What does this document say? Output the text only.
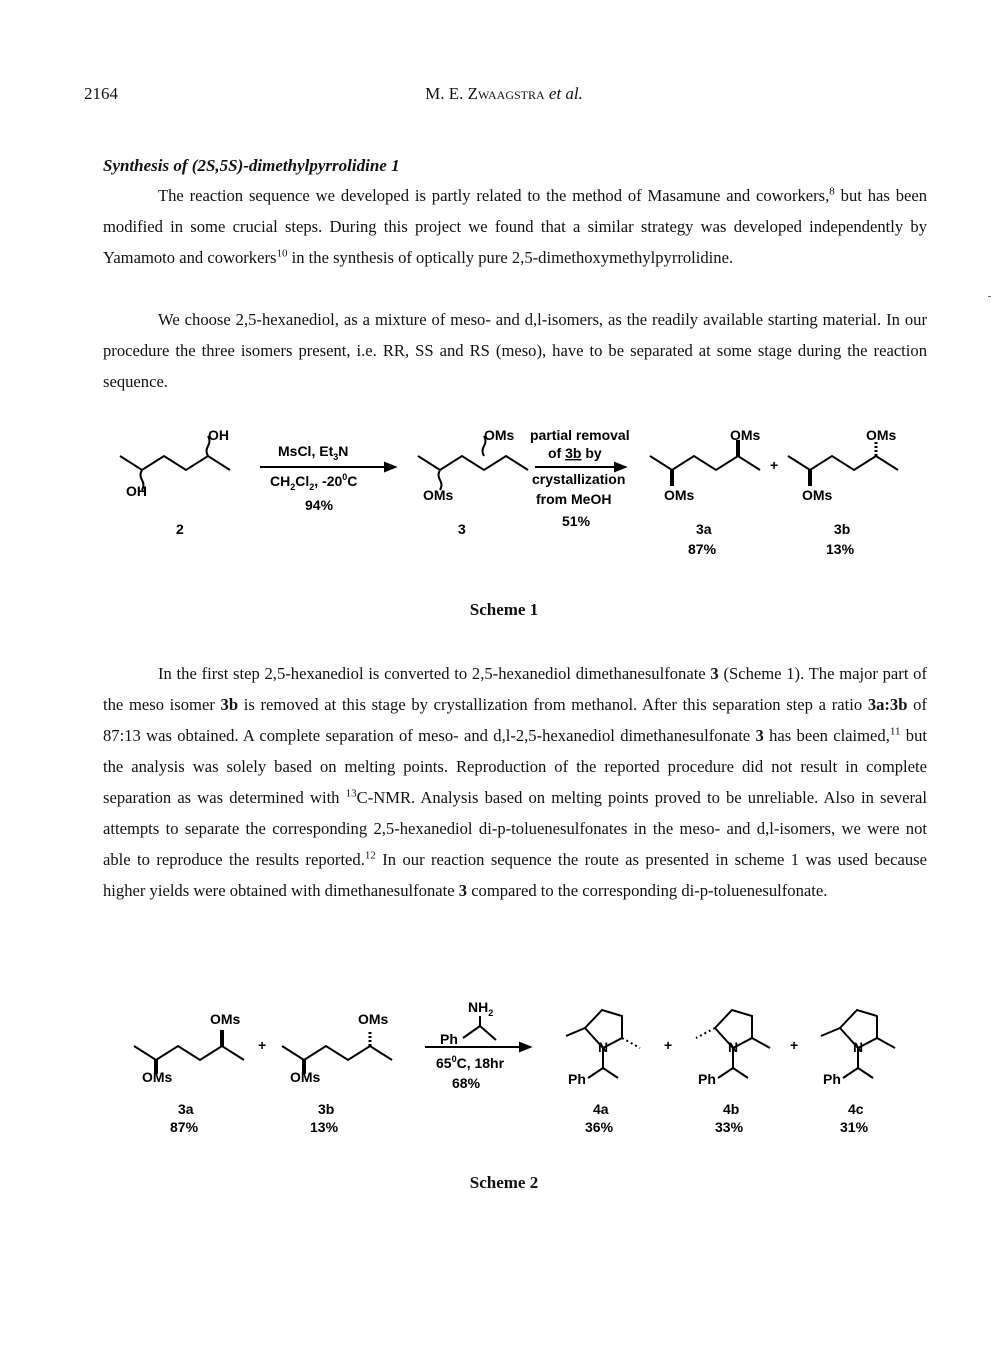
2164	M. E. Zwaagstra et al.
Synthesis of (2S,5S)-dimethylpyrrolidine 1

The reaction sequence we developed is partly related to the method of Masamune and coworkers,$^8$ but has been modified in some crucial steps. During this project we found that a similar strategy was developed independently by Yamamoto and coworkers$^{10}$ in the synthesis of optically pure 2,5-dimethoxymethylpyrrolidine.

We choose 2,5-hexanediol, as a mixture of meso- and d,l-isomers, as the readily available starting material. In our procedure the three isomers present, i.e. RR, SS and RS (meso), have to be separated at some stage during the reaction sequence.

OH
OH
MsCl, $Et_3N$
$CH_2Cl_2$, $-20^0C$
94%
2
OMs
OMs
3
partial removal
of 3b by
crystallization
from MeOH
51%
OMs
OMs
+
OMs
OMs
3a
87%
3b
13%
Scheme 1

In the first step 2,5-hexanediol is converted to 2,5-hexanediol dimethanesulfonate 3 (Scheme 1). The major part of the meso isomer 3b is removed at this stage by crystallization from methanol. After this separation step a ratio 3a:3b of 87:13 was obtained. A complete separation of meso- and d,l-2,5-hexanediol dimethanesulfonate 3 has been claimed,$^{11}$ but the analysis was solely based on melting points. Reproduction of the reported procedure did not result in complete separation as was determined with $^{13}$C-NMR. Analysis based on melting points proved to be unreliable. Also in several attempts to separate the corresponding 2,5-hexanediol di-p-toluenesulfonates in the meso- and d,l-isomers, we were not able to reproduce the results reported.$^{12}$ In our reaction sequence the route as presented in scheme 1 was used because higher yields were obtained with dimethanesulfonate 3 compared to the corresponding di-p-toluenesulfonate.

OMs
OMs
+
OMs
OMs
$NH_2$
Ph
$65^0C$, 18hr
68%
N
Ph
+	N
Ph
+	N
Ph
3a
87%
3b
13%
4a
36%
4b
33%
4c
31%
Scheme 2
